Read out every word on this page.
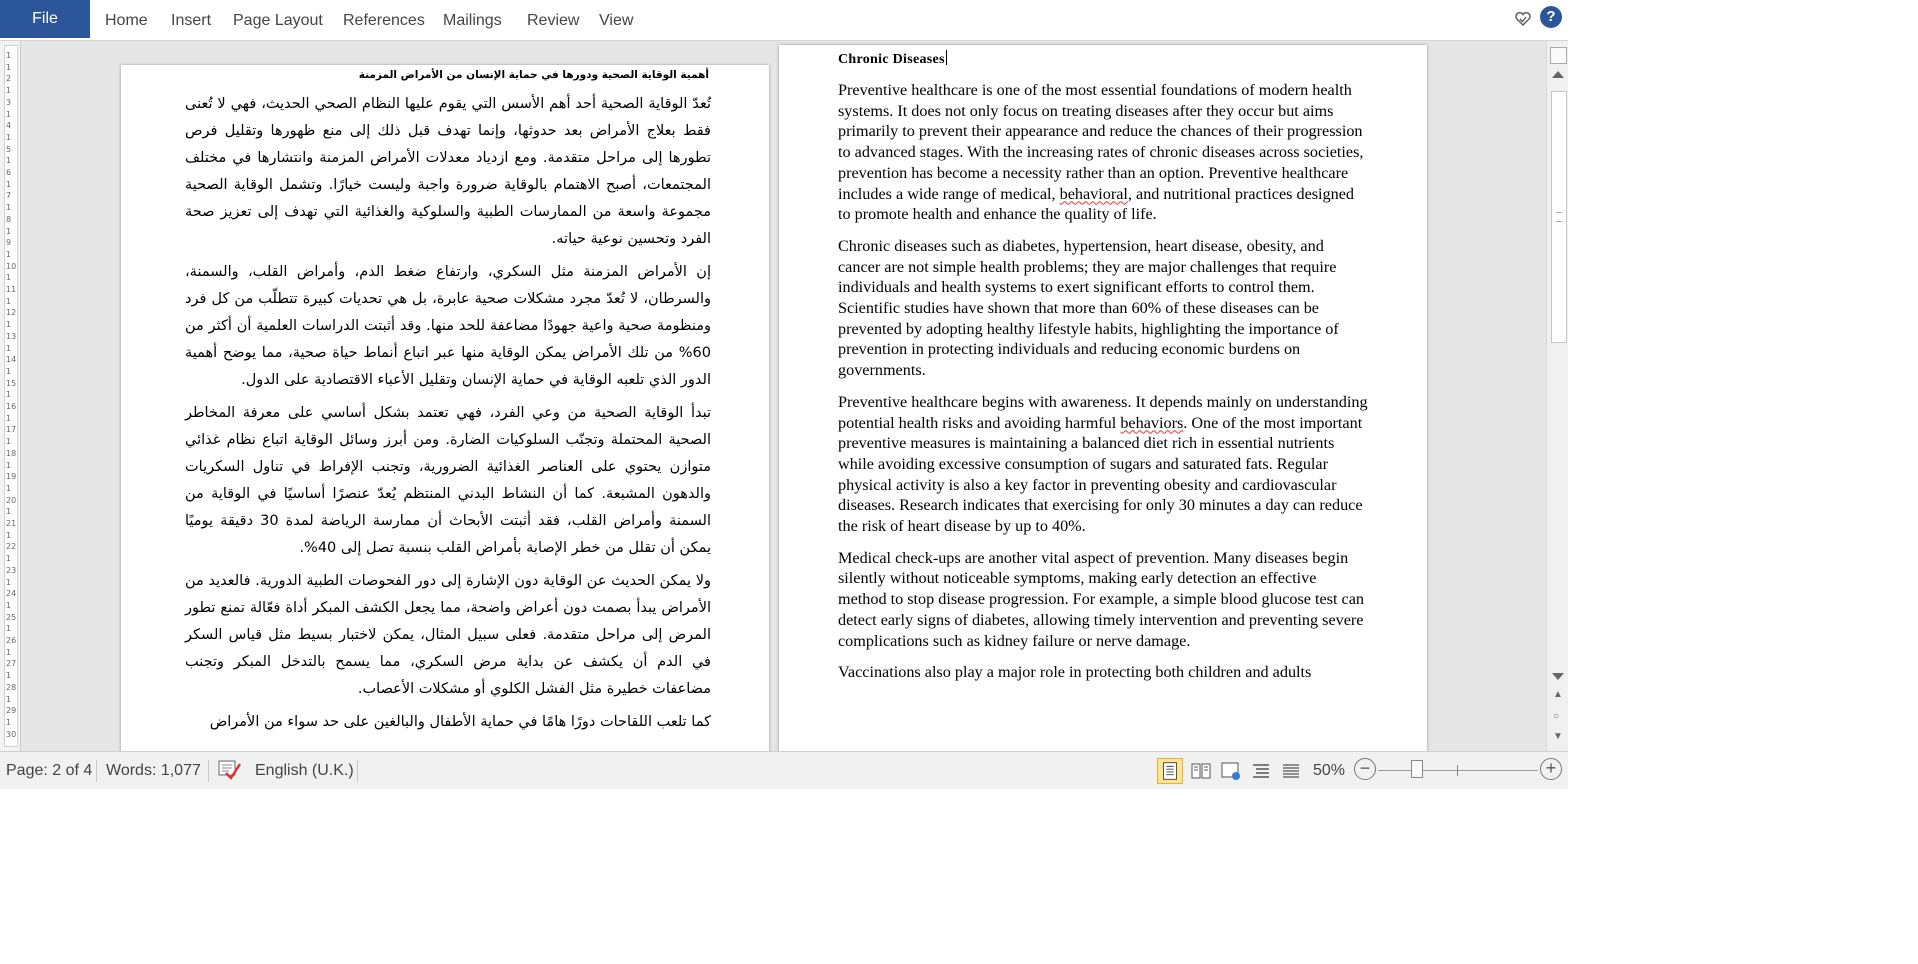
File	Home Insert Page Layout References Mailings Review View	?
1
1
2
1
3
1
4
1
5
1
6
1
7
1
8
1
9
1
10
1
11
1
12
1
13
1
14
1
15
1
16
1
17
1
18
1
19
1
20
1
21
1
22
1
23
1
24
1
25
1
26
1
27
1
28
1
29
1
30
أهمية الوقاية الصحية ودورها في حماية الإنسان من الأمراض المزمنة

تُعدّ الوقاية الصحية أحد أهم الأسس التي يقوم عليها النظام الصحي الحديث، فهي لا تُعنى فقط بعلاج الأمراض بعد حدوثها، وإنما تهدف قبل ذلك إلى منع ظهورها وتقليل فرص تطورها إلى مراحل متقدمة. ومع ازدياد معدلات الأمراض المزمنة وانتشارها في مختلف المجتمعات، أصبح الاهتمام بالوقاية ضرورة واجبة وليست خيارًا. وتشمل الوقاية الصحية مجموعة واسعة من الممارسات الطبية والسلوكية والغذائية التي تهدف إلى تعزيز صحة الفرد وتحسين نوعية حياته.

إن الأمراض المزمنة مثل السكري، وارتفاع ضغط الدم، وأمراض القلب، والسمنة، والسرطان، لا تُعدّ مجرد مشكلات صحية عابرة، بل هي تحديات كبيرة تتطلّب من كل فرد ومنظومة صحية واعية جهودًا مضاعفة للحد منها. وقد أثبتت الدراسات العلمية أن أكثر من 60% من تلك الأمراض يمكن الوقاية منها عبر اتباع أنماط حياة صحية، مما يوضح أهمية الدور الذي تلعبه الوقاية في حماية الإنسان وتقليل الأعباء الاقتصادية على الدول.

تبدأ الوقاية الصحية من وعي الفرد، فهي تعتمد بشكل أساسي على معرفة المخاطر الصحية المحتملة وتجنّب السلوكيات الضارة. ومن أبرز وسائل الوقاية اتباع نظام غذائي متوازن يحتوي على العناصر الغذائية الضرورية، وتجنب الإفراط في تناول السكريات والدهون المشبعة. كما أن النشاط البدني المنتظم يُعدّ عنصرًا أساسيًا في الوقاية من السمنة وأمراض القلب، فقد أثبتت الأبحاث أن ممارسة الرياضة لمدة 30 دقيقة يوميًا يمكن أن تقلل من خطر الإصابة بأمراض القلب بنسبة تصل إلى 40%.

ولا يمكن الحديث عن الوقاية دون الإشارة إلى دور الفحوصات الطبية الدورية. فالعديد من الأمراض يبدأ بصمت دون أعراض واضحة، مما يجعل الكشف المبكر أداة فعّالة تمنع تطور المرض إلى مراحل متقدمة. فعلى سبيل المثال، يمكن لاختبار بسيط مثل قياس السكر في الدم أن يكشف عن بداية مرض السكري، مما يسمح بالتدخل المبكر وتجنب مضاعفات خطيرة مثل الفشل الكلوي أو مشكلات الأعصاب.

كما تلعب اللقاحات دورًا هامًا في حماية الأطفال والبالغين على حد سواء من الأمراض

Chronic Diseases

Preventive healthcare is one of the most essential foundations of modern health systems. It does not only focus on treating diseases after they occur but aims primarily to prevent their appearance and reduce the chances of their progression to advanced stages. With the increasing rates of chronic diseases across societies, prevention has become a necessity rather than an option. Preventive healthcare includes a wide range of medical, behavioral, and nutritional practices designed to promote health and enhance the quality of life.

Chronic diseases such as diabetes, hypertension, heart disease, obesity, and cancer are not simple health problems; they are major challenges that require individuals and health systems to exert significant efforts to control them. Scientific studies have shown that more than 60% of these diseases can be prevented by adopting healthy lifestyle habits, highlighting the importance of prevention in protecting individuals and reducing economic burdens on governments.

Preventive healthcare begins with awareness. It depends mainly on understanding potential health risks and avoiding harmful behaviors. One of the most important preventive measures is maintaining a balanced diet rich in essential nutrients while avoiding excessive consumption of sugars and saturated fats. Regular physical activity is also a key factor in preventing obesity and cardiovascular diseases. Research indicates that exercising for only 30 minutes a day can reduce the risk of heart disease by up to 40%.

Medical check-ups are another vital aspect of prevention. Many diseases begin silently without noticeable symptoms, making early detection an effective method to stop disease progression. For example, a simple blood glucose test can detect early signs of diabetes, allowing timely intervention and preventing severe complications such as kidney failure or nerve damage.

Vaccinations also play a major role in protecting both children and adults

▲
○
▼
Page: 2 of 4 Words: 1,077	English (U.K.)	50% −	+
